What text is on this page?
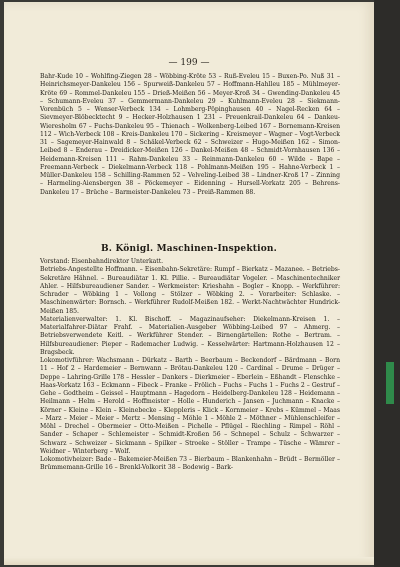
— 199 —

Bahr-Kude 10 – Wohlfing-Ziegen 28 – Wöbbing-Kröte 53 – Ruß-Eveleu 15 – Buxen-Po. Nuß 31 – Heinrichsmeyer-Dankeleu 156 – Spurweiß-Dankeleu 57 – Hoffmann-Hahlleu 185 – Mühlmeyer-Kröte 69 – Rommel-Dankeleu 155 – Drieß-Meißen 56 – Meyer-Kroß 34 – Gwending-Dankeleu 45 – Schumann-Eveleu 37 – Gemmermann-Dankeleu 29 – Kuhlmann-Eveleu 28 – Siekmann-Vorenbüch 5 – Wenser-Verbeck 134 – Lohmberg-Pöpinghausen 40 – Nagel-Recken 64 – Sievmeyer-Blöbecktecht 9 – Hecker-Holzhausen 1 231 – Preuenkrail-Dankeleu 64 – Dankeu-Wieresholm 67 – Fuchs-Dankeleu 95 – Thienach – Wolkenberg-Leibed 167 – Bornemann-Kreisen 112 – Wich-Verbeck 108 – Kreis-Dankeleu 170 – Sickering – Kreismeyer – Wagner – Vogt-Verbeck 31 – Sagemeyer-Hainwald 8 – Schäkel-Verbeck 62 – Schweizer – Hugo-Meißen 162 – Simon-Leibed 8 – Enderau – Dreidicker-Meißen 126 – Dankel-Meißen 48 – Schmidt-Vornhausen 136 – Heidemann-Kreisen 111 – Rahm-Dankeleu 33 – Reinmann-Dankeleu 60 – Wilde – Bape – Freemann-Verbeck – Diekelmann-Verbeck 118 – Pohlmann-Meißen 195 – Hahne-Verbeck 1 – Müller-Dankeleu 158 – Schilling-Rammen 52 – Velveling-Leibed 38 – Lindner-Kroß 17 – Zinning – Harmeling-Aiensbergen 38 – Pöckemeyer – Eidenning – Hursell-Vorkatz 205 – Behrens-Dankeleu 17 – Brüche – Barmeister-Dankeleu 73 – Preiß-Rammen 88.

B. Königl. Maschinen-Inspektion.

Vorstand: Eisenbahndirektor Unterkatt.

Betriebs-Angestellte Hoffmann. – Eisenbahn-Sekretäre: Rumpf – Bierkatz – Mazanee. – Betriebs-Sekretäre Hähnel. – Bureaudiätar 1. Kl. Pillie. – Bureaudiätar Vogeler. – Maschinentechniker Ahler. – Hilfsbureaudiener Sander. – Werkmeister: Krieshahn – Bogler – Knopp. – Werkführer: Schrader – Wöbking 1 – Vollong – Stölzer – Wöbking 2. – Vorarbeiter: Schlaske. – Maschinenwärter: Bornsch. – Werkführer Rudolf-Meißen 182. – Werkt-Nachtwächter Hundrick-Meißen 185.

Materialienverwalter: 1. Kl. Bischoff. – Magazinaufseher: Diekelmann-Kreisen 1. – Materialfahrer-Diätar Frahf. – Materialien-Ausgeber Wöbbing-Leibed 97 – Ahmerg. – Betriebsverwendete Keitl. – Werkführer Stender. – Birnengärtellen: Rothe – Bertram. – Hilfsbureaudiener: Pieper – Rademacher Ludwig. – Kesselwärter: Hartmann-Holzhausen 12 – Bragsbeck.

Lokomotivführer: Wachsmann – Dürkatz – Barth – Beerbaum – Beckendorf – Bärdmann – Born 11 – Hof 2 – Hardemeier – Bernwann – Brötau-Dankeleu 120 – Cardinal – Drume – Drüger – Deppe – Lahring-Grille 178 – Hessler – Dankers – Dierkmeier – Eberlein – Eßhandt – Flenschke – Haas-Vorkatz 163 – Eckmann – Fibeck – Franke – Frölich – Fuchs – Fuchs 1 – Fuchs 2 – Gestruf – Gehe – Godtheim – Geissel – Hauptmann – Hagedorn – Heidelberg-Dankeleu 128 – Heidemann – Heilmann – Helm – Herold – Hoffmeister – Holle – Hunderich – Jansen – Juchmann – Knacke – Körner – Kleine – Klein – Kleinebecke – Kleppleris – Klick – Kornmeier – Krebs – Kümmel – Maas – Marz – Meier – Meier – Mertz – Mensing – Möhle 1 – Möhle 2 – Möthner – Mühlenschleifer – Möhl – Drechel – Obermeier – Otto-Meißen – Pichelle – Pflügel – Riechling – Rimpel – Röhl – Sander – Schaper – Schlemeister – Schmidt-Kroßen 56 – Schnepel – Schulz – Schwarzer – Schwarz – Schweizer – Sickmann – Spilker – Stroeke – Stöller – Trampe – Tüsche – Wämrer – Weidner – Winterberg – Wolf.

Lokomotivheizer: Bade – Bakemeier-Meißen 73 – Bierbaum – Blankenhahn – Brüdt – Bermöller – Brümmemann-Grille 16 – Brenkl-Volkorit 38 – Bodewig – Bark-
